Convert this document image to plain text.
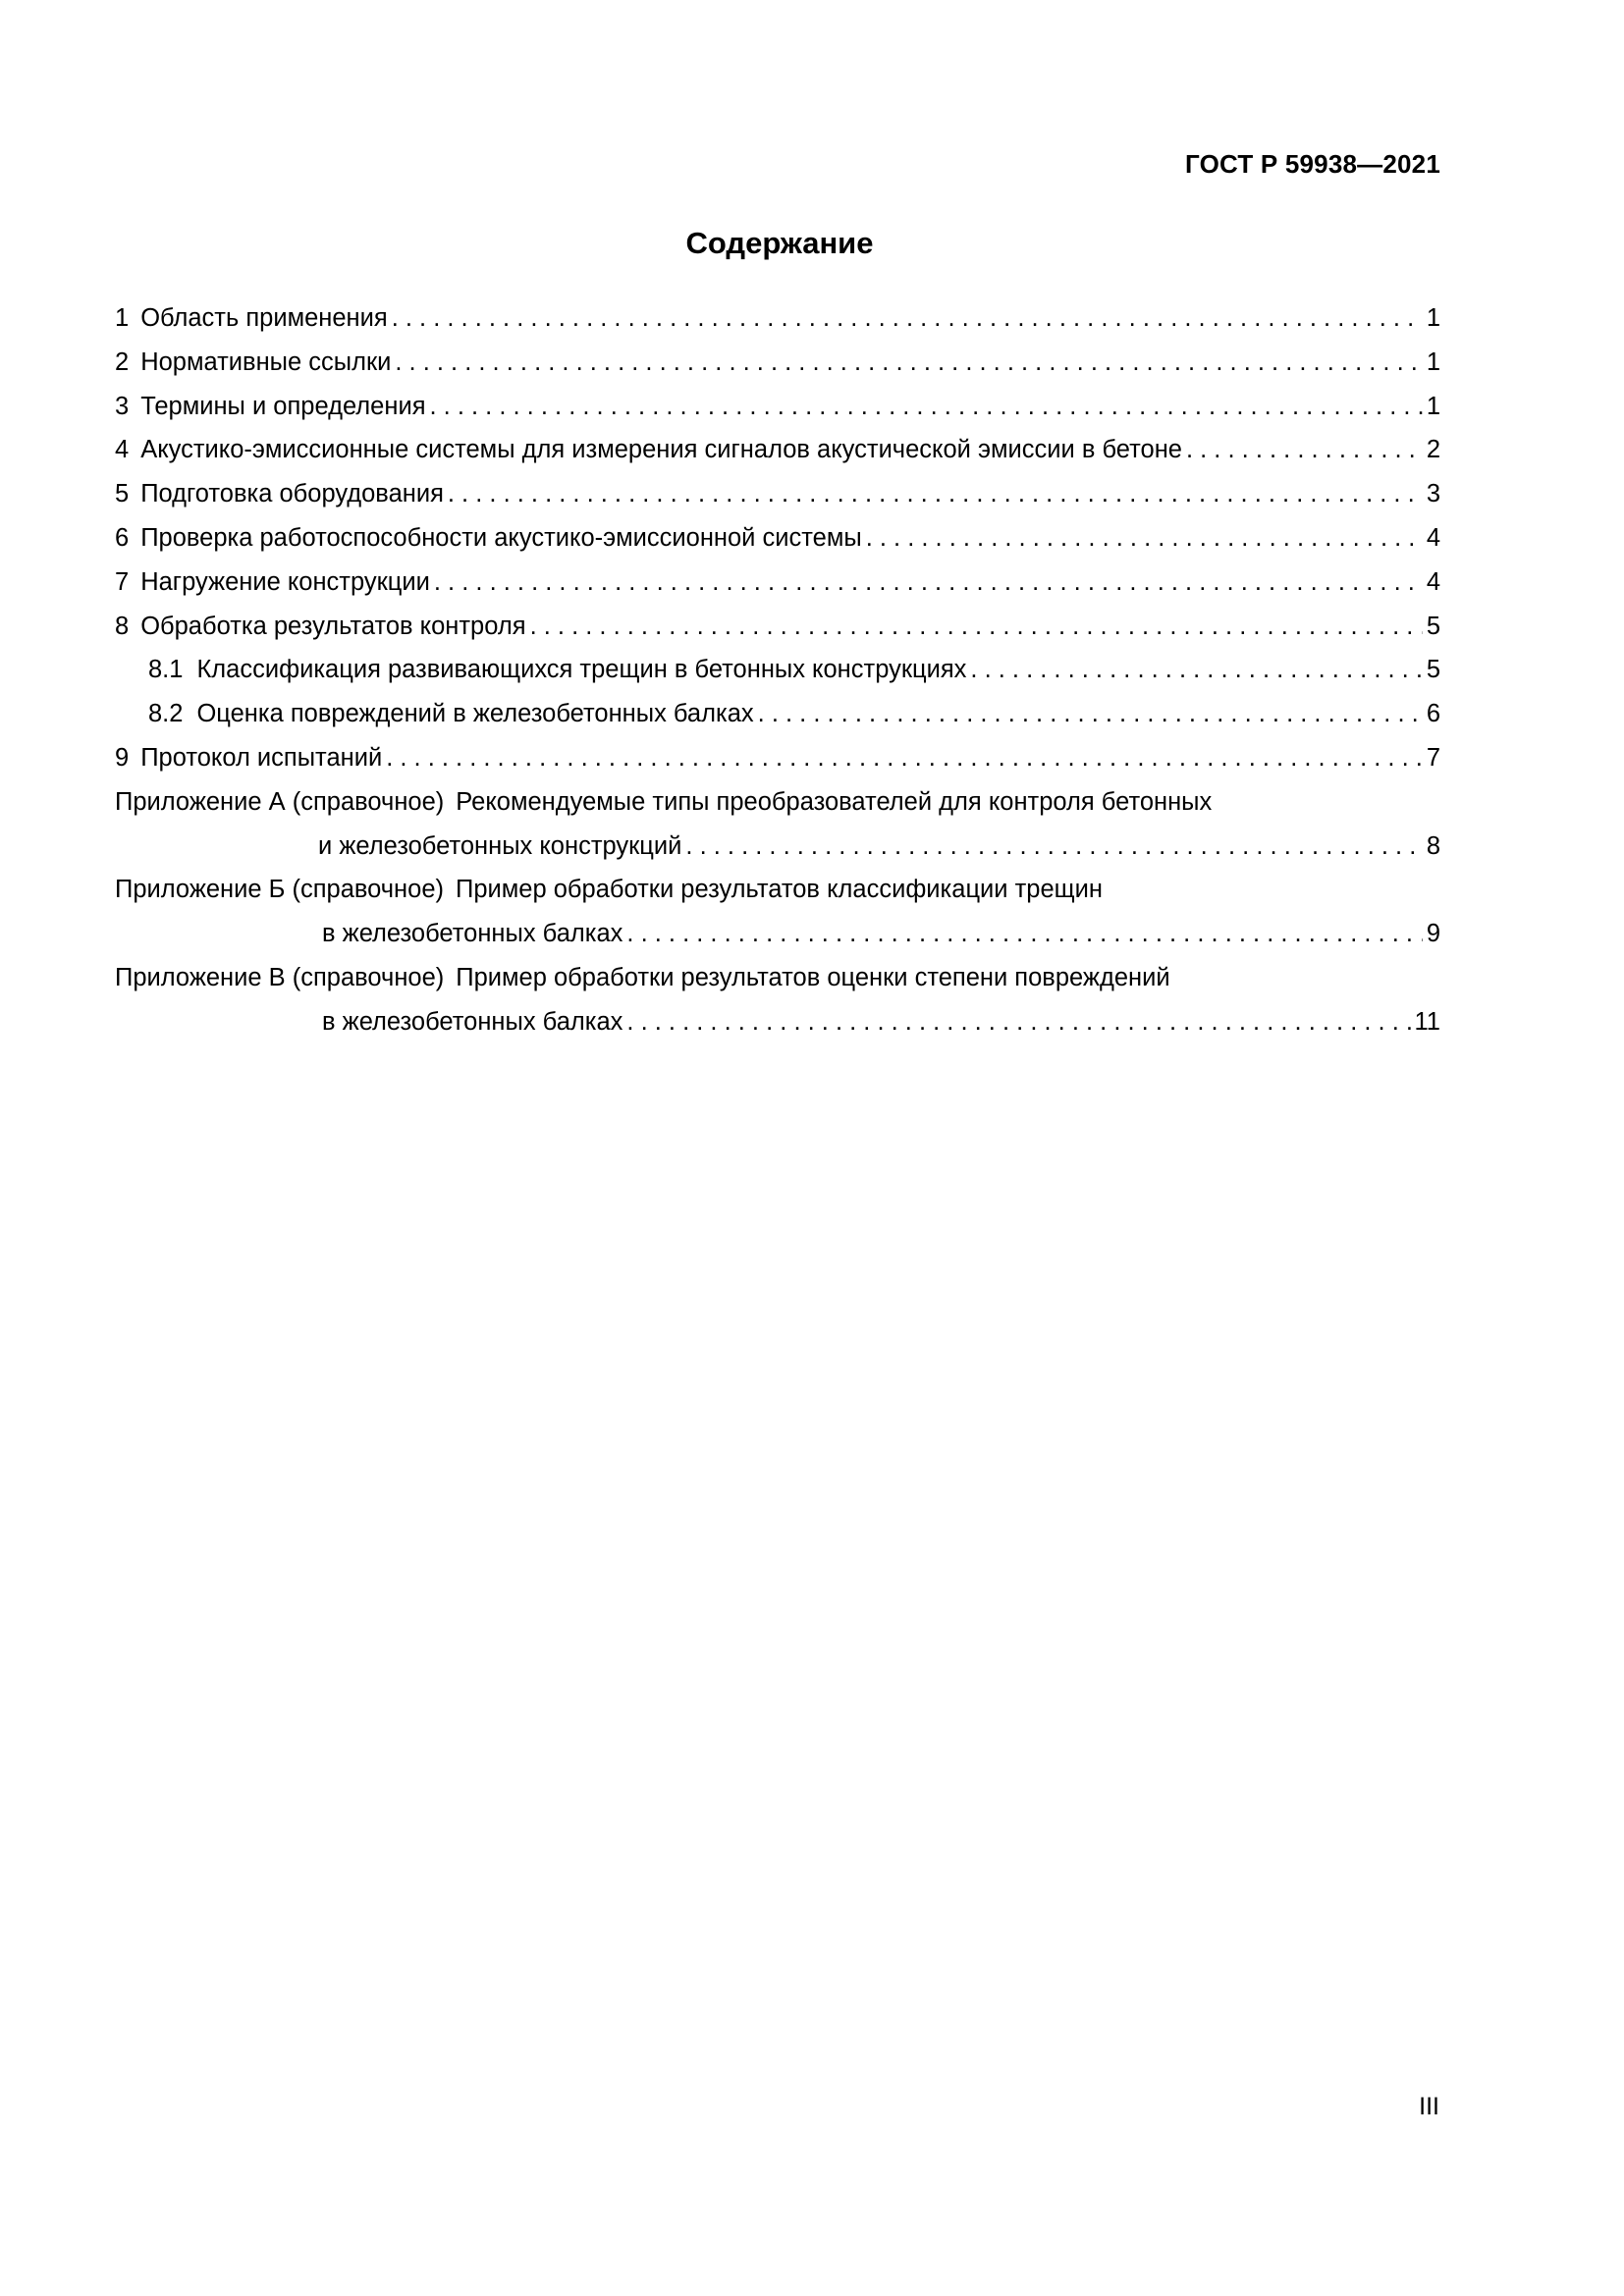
ГОСТ Р 59938—2021
Содержание
1 Область применения . . .	1
2 Нормативные ссылки . . .	1
3 Термины и определения . . .	1
4 Акустико-эмиссионные системы для измерения сигналов акустической эмиссии в бетоне . . .	2
5 Подготовка оборудования . . .	3
6 Проверка работоспособности акустико-эмиссионной системы . . .	4
7 Нагружение конструкции . . .	4
8 Обработка результатов контроля . . .	5
8.1 Классификация развивающихся трещин в бетонных конструкциях . . .	5
8.2 Оценка повреждений в железобетонных балках . . .	6
9 Протокол испытаний . . .	7
Приложение А (справочное) Рекомендуемые типы преобразователей для контроля бетонных
и железобетонных конструкций . . .	8
Приложение Б (справочное) Пример обработки результатов классификации трещин
в железобетонных балках . . .	9
Приложение В (справочное) Пример обработки результатов оценки степени повреждений
в железобетонных балках . . .	11
III
